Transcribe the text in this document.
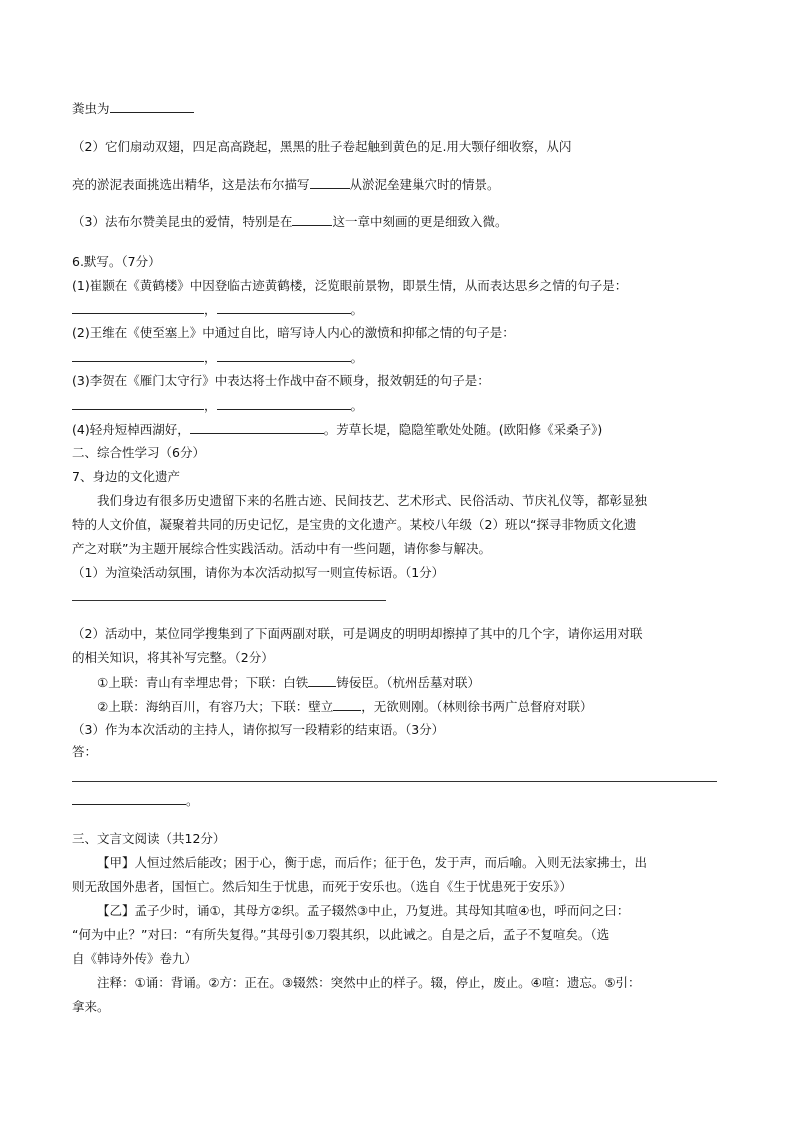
粪虫为
（2）它们扇动双翅，四足高高跷起，黑黑的肚子卷起触到黄色的足.用大颚仔细收察，从闪
亮的淤泥表面挑选出精华，这是法布尔描写	从淤泥垒建巢穴时的情景。
（3）法布尔赞美昆虫的爱情，特别是在	这一章中刻画的更是细致入微。
6.默写。（7分）
(1)崔颢在《黄鹤楼》中因登临古迹黄鹤楼，泛览眼前景物，即景生情，从而表达思乡之情的句子是：
，	。
(2)王维在《使至塞上》中通过自比，暗写诗人内心的激愤和抑郁之情的句子是：
，	。
(3)李贺在《雁门太守行》中表达将士作战中奋不顾身，报效朝廷的句子是：
，	。
(4)轻舟短棹西湖好，	。芳草长堤，隐隐笙歌处处随。(欧阳修《采桑子》)
二、综合性学习（6分）
7、身边的文化遗产
我们身边有很多历史遗留下来的名胜古迹、民间技艺、艺术形式、民俗活动、节庆礼仪等，都彰显独
特的人文价值，凝聚着共同的历史记忆，是宝贵的文化遗产。某校八年级（2）班以“探寻非物质文化遗
产之对联”为主题开展综合性实践活动。活动中有一些问题，请你参与解决。
（1）为渲染活动氛围，请你为本次活动拟写一则宣传标语。（1分）
（2）活动中，某位同学搜集到了下面两副对联，可是调皮的明明却擦掉了其中的几个字，请你运用对联
的相关知识，将其补写完整。（2分）
①上联：青山有幸埋忠骨；下联：白铁 铸佞臣。（杭州岳墓对联）
②上联：海纳百川，有容乃大；下联：壁立 ，无欲则刚。（林则徐书两广总督府对联）
（3）作为本次活动的主持人，请你拟写一段精彩的结束语。（3分）
答：
。
三、文言文阅读（共12分）
【甲】人恒过然后能改；困于心，衡于虑，而后作；征于色，发于声，而后喻。入则无法家拂士，出
则无敌国外患者，国恒亡。然后知生于忧患，而死于安乐也。（选自《生于忧患死于安乐》）
【乙】孟子少时，诵①，其母方②织。孟子辍然③中止，乃复进。其母知其喧④也，呼而问之曰：
“何为中止？”对曰：“有所失复得。”其母引⑤刀裂其织，以此诫之。自是之后，孟子不复喧矣。（选
自《韩诗外传》卷九）
注释：①诵：背诵。②方：正在。③辍然：突然中止的样子。辍，停止，废止。④喧：遗忘。⑤引：
拿来。
